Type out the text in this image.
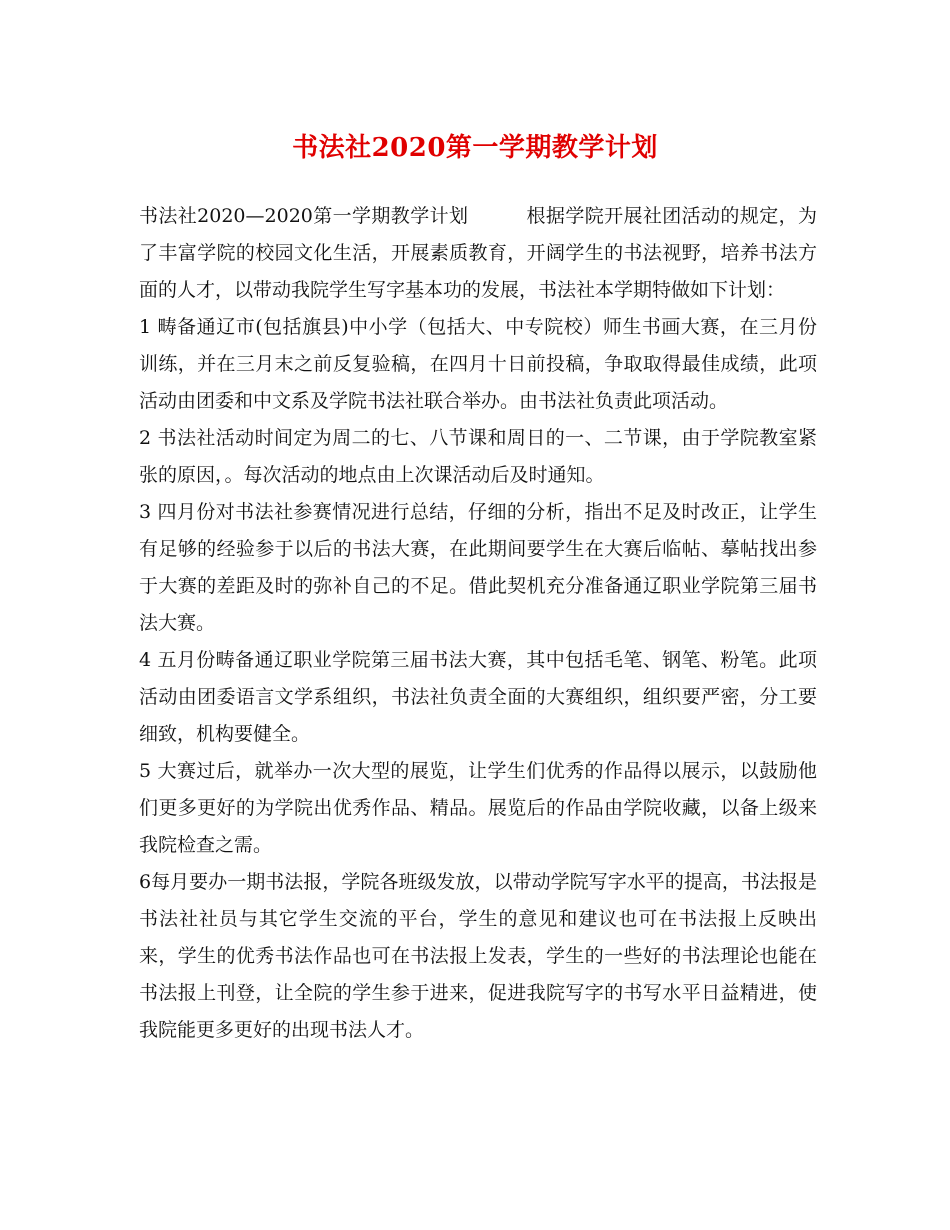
书法社2020第一学期教学计划

书法社2020—2020第一学期教学计划　　　	根据学院开展社团活动的规定，为了丰富学院的校园文化生活，开展素质教育，开阔学生的书法视野，培养书法方面的人才，以带动我院学生写字基本功的发展，书法社本学期特做如下计划：

1 畴备通辽市(包括旗县)中小学（包括大、中专院校）师生书画大赛，在三月份训练，并在三月末之前反复验稿，在四月十日前投稿，争取取得最佳成绩，此项活动由团委和中文系及学院书法社联合举办。由书法社负责此项活动。

2 书法社活动时间定为周二的七、八节课和周日的一、二节课，由于学院教室紧张的原因，。每次活动的地点由上次课活动后及时通知。

3 四月份对书法社参赛情况进行总结，仔细的分析，指出不足及时改正，让学生有足够的经验参于以后的书法大赛，在此期间要学生在大赛后临帖、摹帖找出参于大赛的差距及时的弥补自己的不足。借此契机充分准备通辽职业学院第三届书法大赛。

4 五月份畴备通辽职业学院第三届书法大赛，其中包括毛笔、钢笔、粉笔。此项活动由团委语言文学系组织，书法社负责全面的大赛组织，组织要严密，分工要细致，机构要健全。

5 大赛过后，就举办一次大型的展览，让学生们优秀的作品得以展示，以鼓励他们更多更好的为学院出优秀作品、精品。展览后的作品由学院收藏，以备上级来我院检查之需。

6每月要办一期书法报，学院各班级发放，以带动学院写字水平的提高，书法报是书法社社员与其它学生交流的平台，学生的意见和建议也可在书法报上反映出来，学生的优秀书法作品也可在书法报上发表，学生的一些好的书法理论也能在书法报上刊登，让全院的学生参于进来，促进我院写字的书写水平日益精进，使我院能更多更好的出现书法人才。
